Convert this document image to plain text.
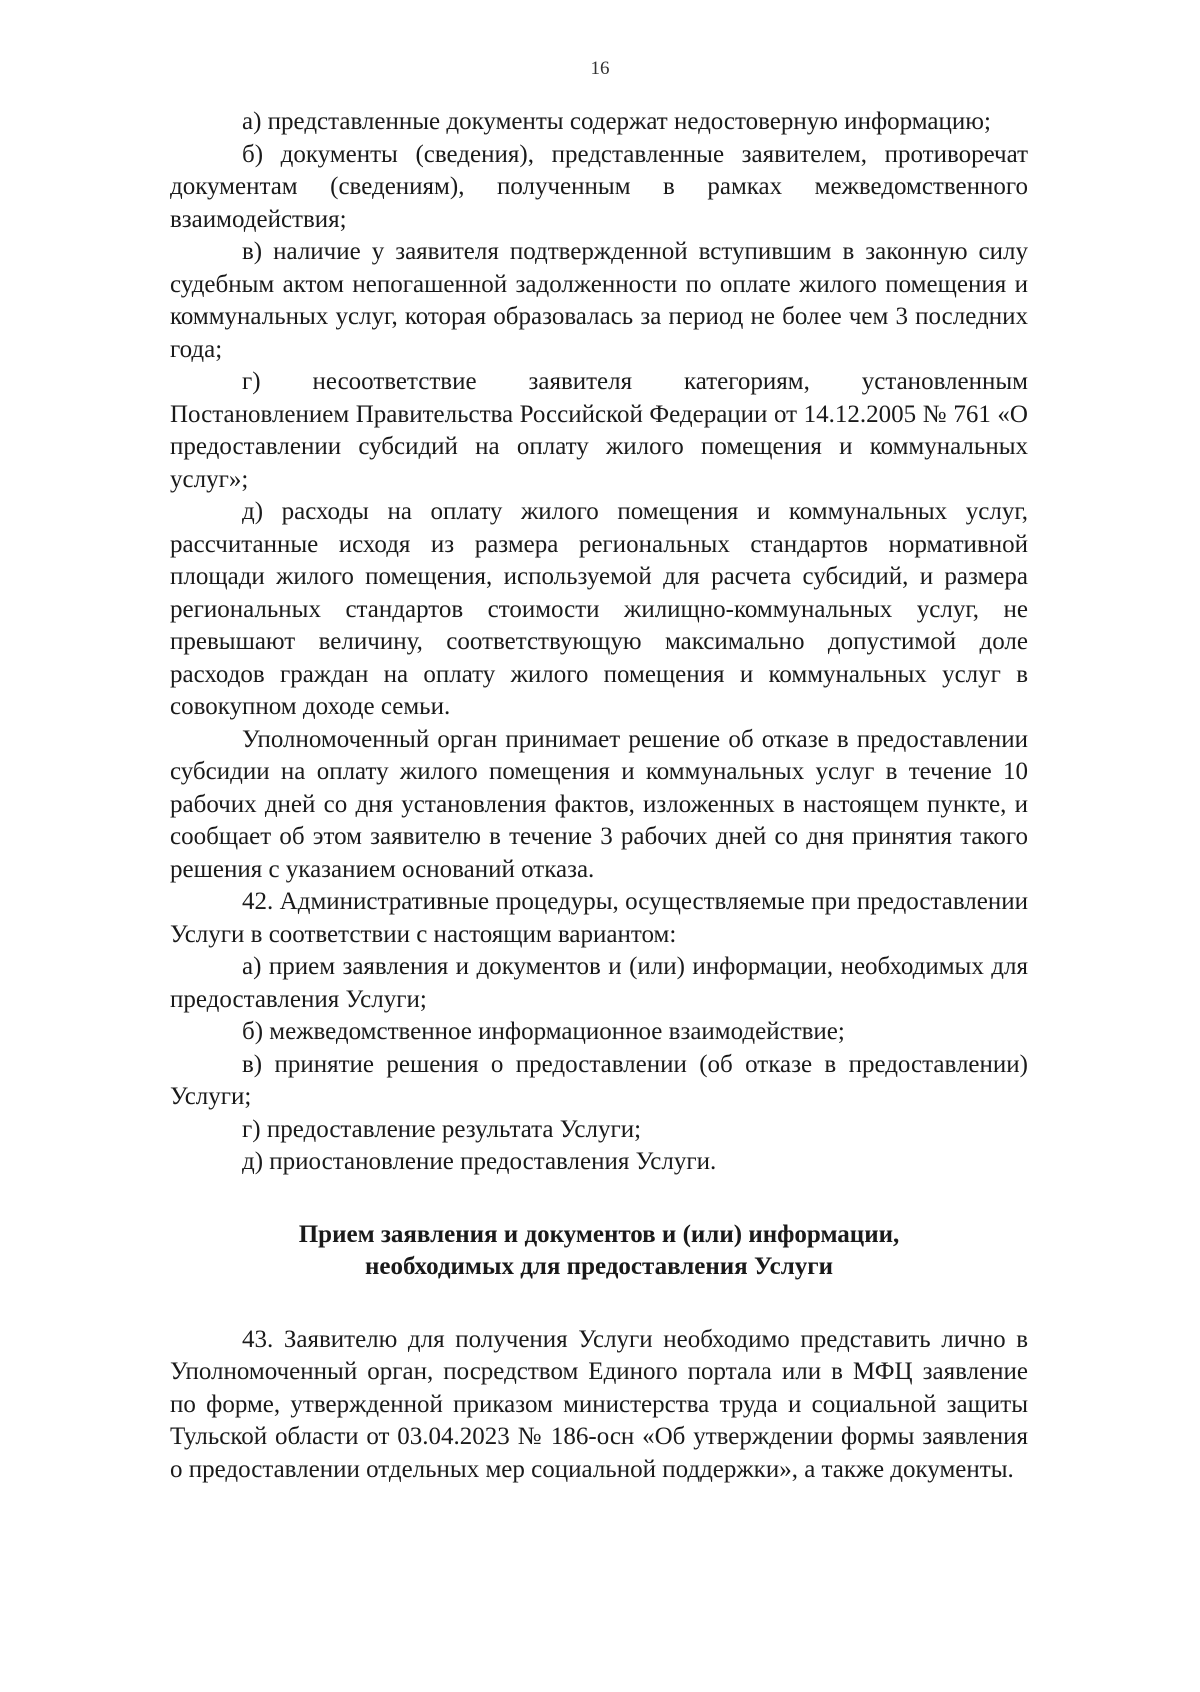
16

а) представленные документы содержат недостоверную информацию;

б) документы (сведения), представленные заявителем, противоречат документам (сведениям), полученным в рамках межведомственного взаимодействия;

в) наличие у заявителя подтвержденной вступившим в законную силу судебным актом непогашенной задолженности по оплате жилого помещения и коммунальных услуг, которая образовалась за период не более чем 3 последних года;

г) несоответствие заявителя категориям, установленным Постановлением Правительства Российской Федерации от 14.12.2005 № 761 «О предоставлении субсидий на оплату жилого помещения и коммунальных услуг»;

д) расходы на оплату жилого помещения и коммунальных услуг, рассчитанные исходя из размера региональных стандартов нормативной площади жилого помещения, используемой для расчета субсидий, и размера региональных стандартов стоимости жилищно-коммунальных услуг, не превышают величину, соответствующую максимально допустимой доле расходов граждан на оплату жилого помещения и коммунальных услуг в совокупном доходе семьи.

Уполномоченный орган принимает решение об отказе в предоставлении субсидии на оплату жилого помещения и коммунальных услуг в течение 10 рабочих дней со дня установления фактов, изложенных в настоящем пункте, и сообщает об этом заявителю в течение 3 рабочих дней со дня принятия такого решения с указанием оснований отказа.

42. Административные процедуры, осуществляемые при предоставлении Услуги в соответствии с настоящим вариантом:

а) прием заявления и документов и (или) информации, необходимых для предоставления Услуги;

б) межведомственное информационное взаимодействие;

в) принятие решения о предоставлении (об отказе в предоставлении) Услуги;

г) предоставление результата Услуги;

д) приостановление предоставления Услуги.

Прием заявления и документов и (или) информации,
необходимых для предоставления Услуги

43. Заявителю для получения Услуги необходимо представить лично в Уполномоченный орган, посредством Единого портала или в МФЦ заявление по форме, утвержденной приказом министерства труда и социальной защиты Тульской области от 03.04.2023 № 186-осн «Об утверждении формы заявления о предоставлении отдельных мер социальной поддержки», а также документы.
